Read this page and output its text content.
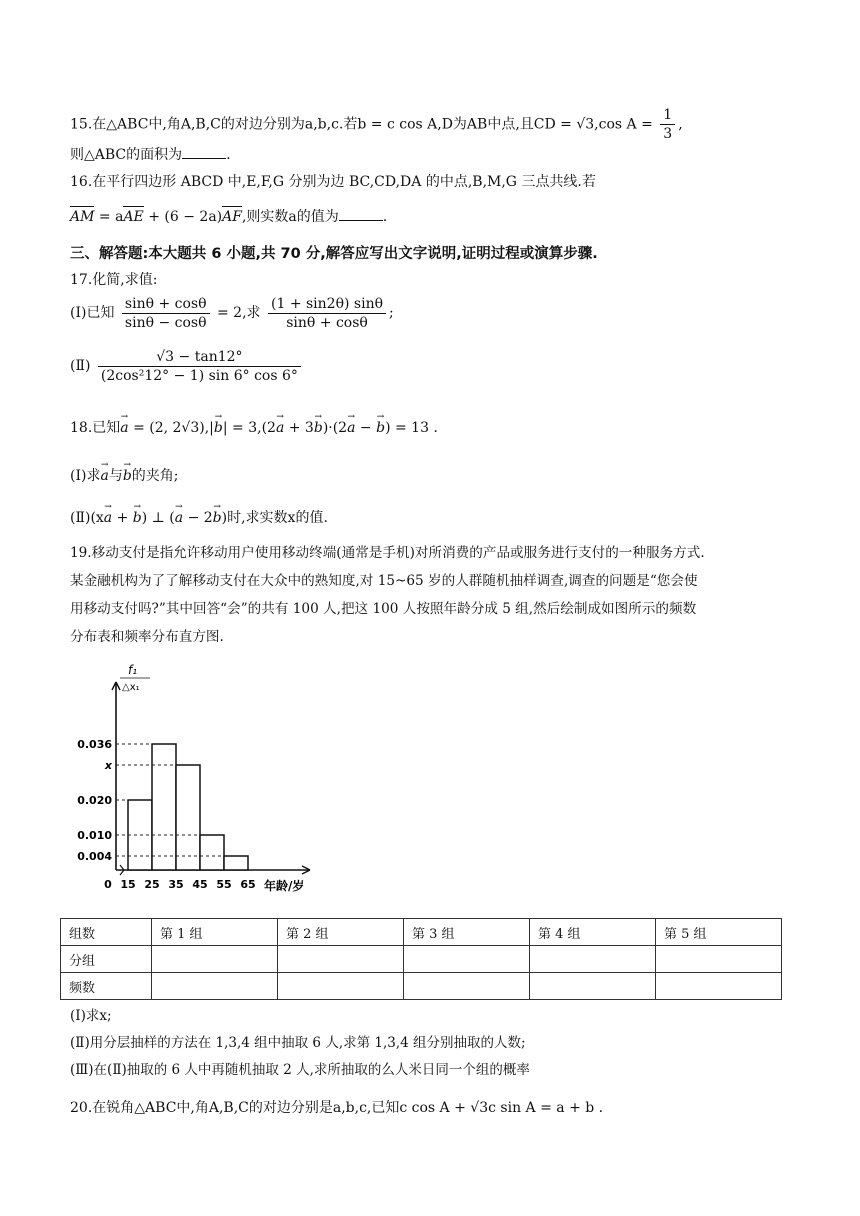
15.在△ABC中,角A,B,C的对边分别为a,b,c.若b = c cos A,D为AB中点,且CD = √3,cos $A = \frac{1}{3}$ ,
则△ABC的面积为	.
16.在平行四边形 ABCD 中,E,F,G 分别为边 BC,CD,DA 的中点,B,M,G 三点共线.若
AM = aAE + (6 − 2a)AF,则实数a的值为	.
三、解答题:本大题共 6 小题,共 70 分,解答应写出文字说明,证明过程或演算步骤.
17.化简,求值:
(Ⅰ)已知 $\frac{\sin\theta + \cos\theta}{\sin\theta - \cos\theta} = 2$,求 $\frac{(1 + \sin 2\theta) \sin\theta}{\sin\theta + \cos\theta}$ ;
(Ⅱ) $\frac{√3 - \tan 12^\circ}{\text{(2cos²12° − 1) sin 6° cos 6°}}$
18.已知a → = (2, 2√3),|b →| = 3,(2a → + 3b →)·(2a → − b →) = 13 .
(Ⅰ)求a →与b →的夹角;
(Ⅱ)(xa → + b →) ⊥ (a → − 2b →)时,求实数x的值.
19.移动支付是指允许移动用户使用移动终端(通常是手机)对所消费的产品或服务进行支付的一种服务方式.
某金融机构为了了解移动支付在大众中的熟知度,对 15~65 岁的人群随机抽样调查,调查的问题是“您会使
用移动支付吗?”其中回答“会”的共有 100 人,把这 100 人按照年龄分成 5 组,然后绘制成如图所示的频数
分布表和频率分布直方图.
f₁
△x₁
0.036
x
0.020
0.010
0.004
0 15 25 35 45 55 65 年龄/岁
组数	第 1 组	第 2 组	第 3 组	第 4 组	第 5 组
分组					
频数					
(Ⅰ)求x;
(Ⅱ)用分层抽样的方法在 1,3,4 组中抽取 6 人,求第 1,3,4 组分别抽取的人数;
(Ⅲ)在(Ⅱ)抽取的 6 人中再随机抽取 2 人,求所抽取的么人米日同一个组的概率
20.在锐角△ABC中,角A,B,C的对边分别是a,b,c,已知c cos A + √3c sin A = a + b .
